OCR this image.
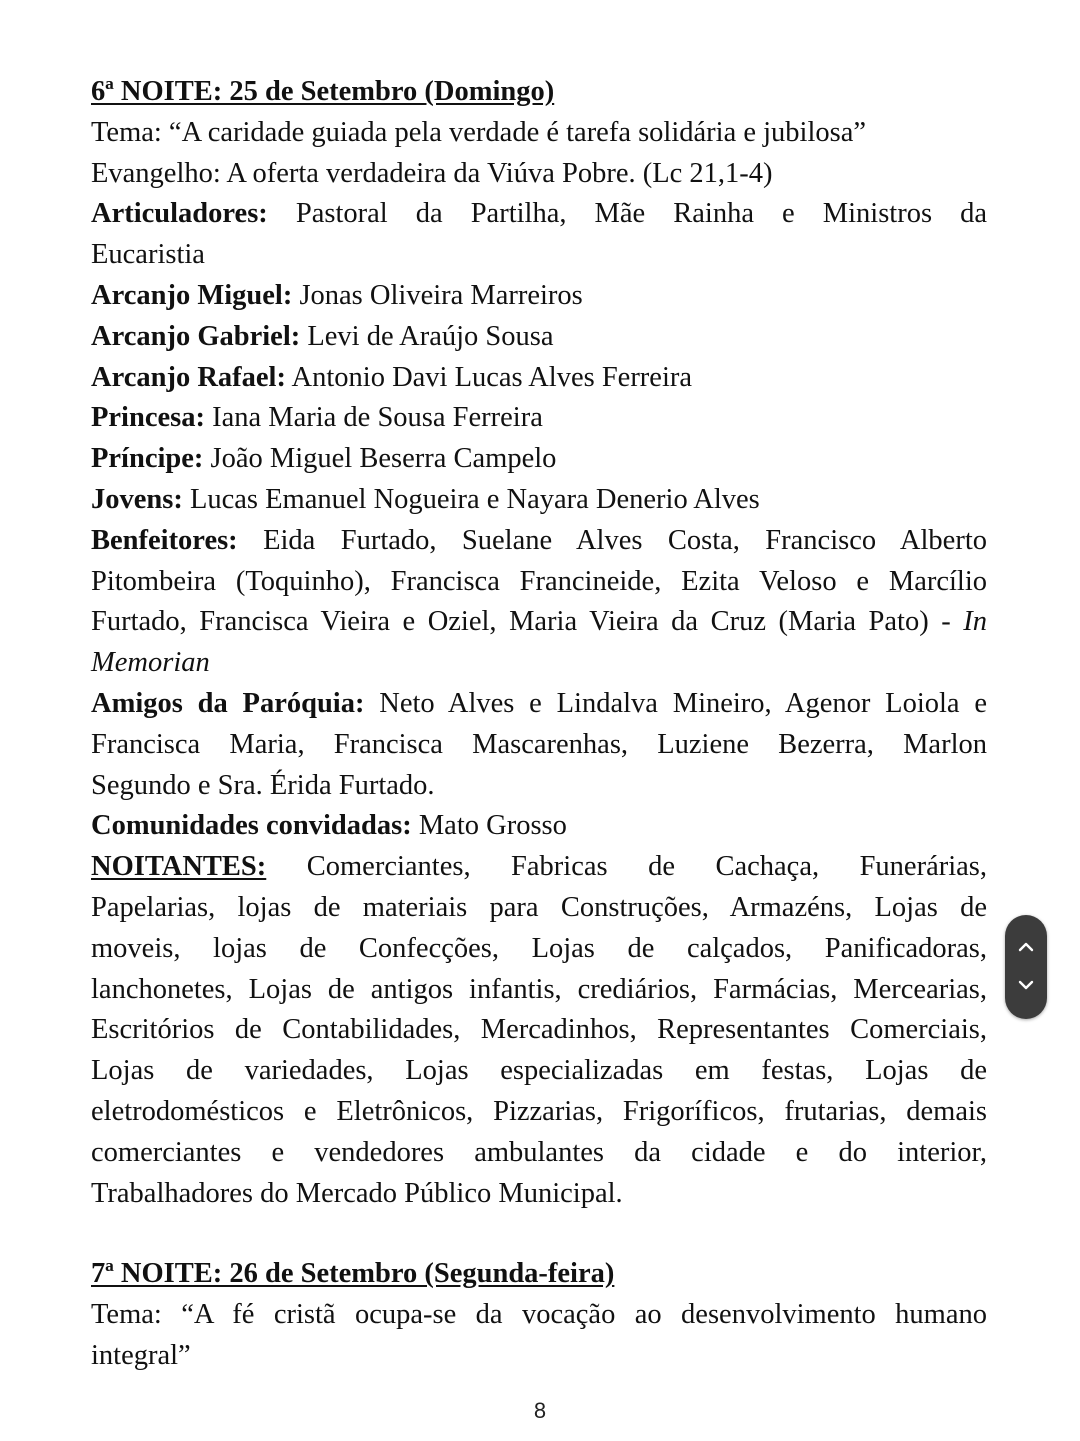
6ª NOITE: 25 de Setembro (Domingo)
Tema: “A caridade guiada pela verdade é tarefa solidária e jubilosa”
Evangelho: A oferta verdadeira da Viúva Pobre. (Lc 21,1-4)
Articuladores: Pastoral da Partilha, Mãe Rainha e Ministros da
Eucaristia
Arcanjo Miguel: Jonas Oliveira Marreiros
Arcanjo Gabriel: Levi de Araújo Sousa
Arcanjo Rafael: Antonio Davi Lucas Alves Ferreira
Princesa: Iana Maria de Sousa Ferreira
Príncipe: João Miguel Beserra Campelo
Jovens: Lucas Emanuel Nogueira e Nayara Denerio Alves
Benfeitores: Eida Furtado, Suelane Alves Costa, Francisco Alberto
Pitombeira (Toquinho), Francisca Francineide, Ezita Veloso e Marcílio
Furtado, Francisca Vieira e Oziel, Maria Vieira da Cruz (Maria Pato) - In
Memorian
Amigos da Paróquia: Neto Alves e Lindalva Mineiro, Agenor Loiola e
Francisca Maria, Francisca Mascarenhas, Luziene Bezerra, Marlon
Segundo e Sra. Érida Furtado.
Comunidades convidadas: Mato Grosso
NOITANTES: Comerciantes, Fabricas de Cachaça, Funerárias,
Papelarias, lojas de materiais para Construções, Armazéns, Lojas de
moveis, lojas de Confecções, Lojas de calçados, Panificadoras,
lanchonetes, Lojas de antigos infantis, crediários, Farmácias, Mercearias,
Escritórios de Contabilidades, Mercadinhos, Representantes Comerciais,
Lojas de variedades, Lojas especializadas em festas, Lojas de
eletrodomésticos e Eletrônicos, Pizzarias, Frigoríficos, frutarias, demais
comerciantes e vendedores ambulantes da cidade e do interior,
Trabalhadores do Mercado Público Municipal.
7ª NOITE: 26 de Setembro (Segunda-feira)
Tema: “A fé cristã ocupa-se da vocação ao desenvolvimento humano
integral”
8
